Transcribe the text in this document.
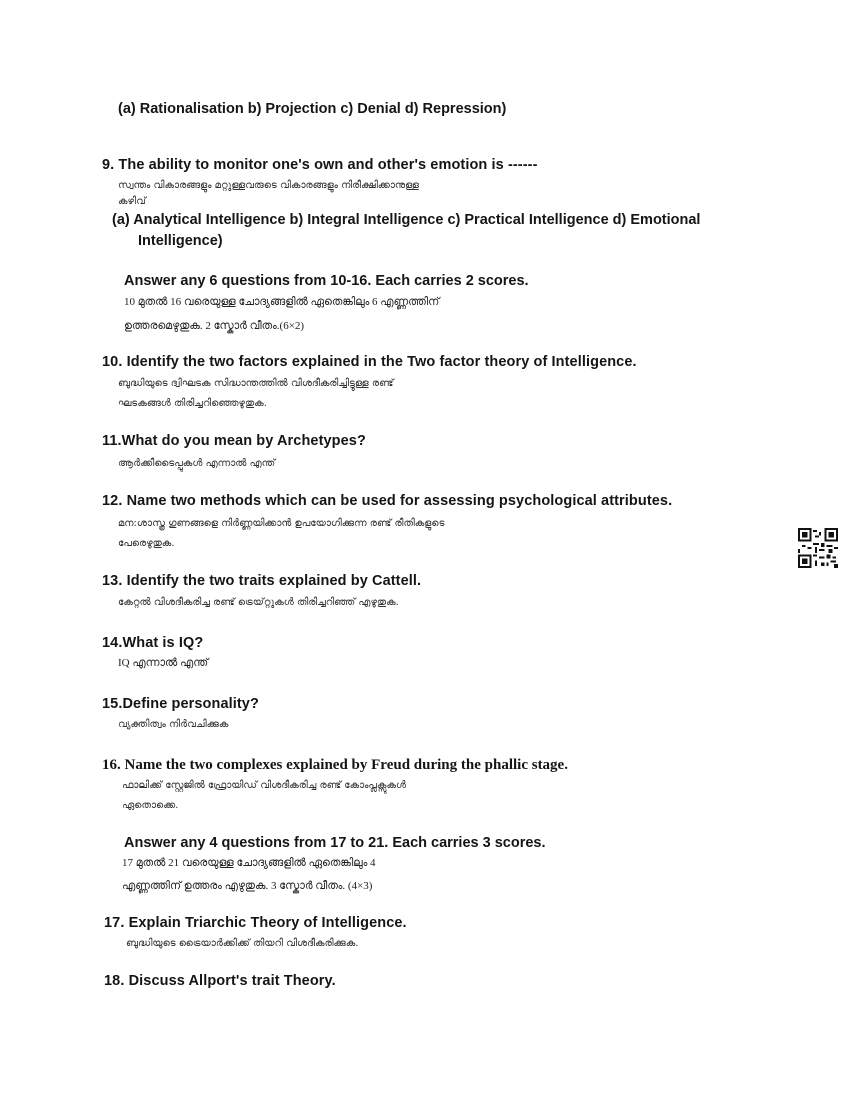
(a) Rationalisation b) Projection c) Denial d) Repression)
9. The ability to monitor one's own and other's emotion is ------
സ്വന്തം വികാരങ്ങളും മറ്റുള്ളവരുടെ വികാരങ്ങളും നിരീക്ഷിക്കാനുള്ള
കഴിവ്
(a) Analytical Intelligence b) Integral Intelligence c) Practical Intelligence d) Emotional
Intelligence)
Answer any 6 questions from 10-16. Each carries 2 scores.
10 മുതൽ 16 വരെയുള്ള ചോദ്യങ്ങളിൽ ഏതെങ്കിലും 6 എണ്ണത്തിന്
ഉത്തരമെഴുതുക. 2 സ്കോർ വീതം.(6×2)
10. Identify the two factors explained in the Two factor theory of Intelligence.
ബുദ്ധിയുടെ ദ്വിഘടക സിദ്ധാന്തത്തിൽ വിശദീകരിച്ചിട്ടുള്ള രണ്ട്
ഘടകങ്ങൾ തിരിച്ചറിഞ്ഞെഴുതുക.
11.What do you mean by Archetypes?
ആർക്കീടൈപ്പുകൾ എന്നാൽ എന്ത്
12. Name two methods which can be used for assessing psychological attributes.
മന:ശാസ്ത്ര ഗുണങ്ങളെ നിർണ്ണയിക്കാൻ ഉപയോഗിക്കുന്ന രണ്ട് രീതികളുടെ
പേരെഴുതുക.
13. Identify the two traits explained by Cattell.
കേറ്റൽ വിശദീകരിച്ച രണ്ട് ട്രെയ്റ്റുകൾ തിരിച്ചറിഞ്ഞ് എഴുതുക.
14.What is IQ?
IQ എന്നാൽ എന്ത്
15.Define personality?
വ്യക്തിത്വം നിർവചിക്കുക
16. Name the two complexes explained by Freud during the phallic stage.
ഫാലിക്ക് സ്റ്റേജിൽ ഫ്രോയിഡ് വിശദീകരിച്ച രണ്ട് കോംപ്ലക്സുകൾ
ഏതൊക്കെ.
Answer any 4 questions from 17 to 21. Each carries 3 scores.
17 മുതൽ 21 വരെയുള്ള ചോദ്യങ്ങളിൽ ഏതെങ്കിലും 4
എണ്ണത്തിന് ഉത്തരം എഴുതുക. 3 സ്കോർ വീതം. (4×3)
17. Explain Triarchic Theory of Intelligence.
ബുദ്ധിയുടെ ട്രൈയാർക്കിക്ക് തിയറി വിശദീകരിക്കുക.
18. Discuss Allport's trait Theory.
